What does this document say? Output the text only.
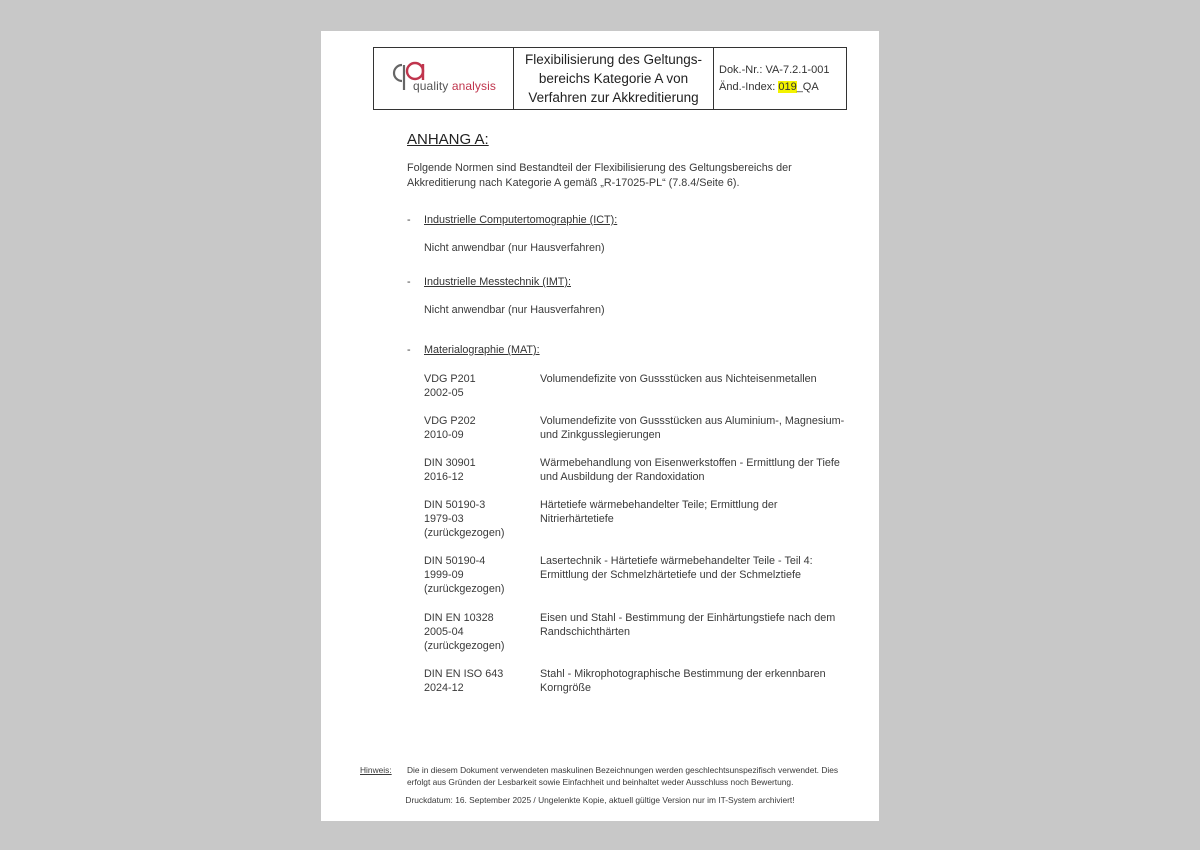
quality analysis
Flexibilisierung des Geltungs-bereichs Kategorie A von Verfahren zur Akkreditierung
Dok.-Nr.: VA-7.2.1-001
Änd.-Index: 019_QA
ANHANG A:
Folgende Normen sind Bestandteil der Flexibilisierung des Geltungsbereichs der Akkreditierung nach Kategorie A gemäß „R-17025-PL“ (7.8.4/Seite 6).
- Industrielle Computertomographie (ICT):
Nicht anwendbar (nur Hausverfahren)
- Industrielle Messtechnik (IMT):
Nicht anwendbar (nur Hausverfahren)
- Materialographie (MAT):
VDG P201
2002-05
Volumendefizite von Gussstücken aus Nichteisenmetallen
VDG P202
2010-09
Volumendefizite von Gussstücken aus Aluminium-, Magnesium- und Zinkgusslegierungen
DIN 30901
2016-12
Wärmebehandlung von Eisenwerkstoffen - Ermittlung der Tiefe und Ausbildung der Randoxidation
DIN 50190-3
1979-03
(zurückgezogen)
Härtetiefe wärmebehandelter Teile; Ermittlung der Nitrierhärtetiefe
DIN 50190-4
1999-09
(zurückgezogen)
Lasertechnik - Härtetiefe wärmebehandelter Teile - Teil 4: Ermittlung der Schmelzhärtetiefe und der Schmelztiefe
DIN EN 10328
2005-04
(zurückgezogen)
Eisen und Stahl - Bestimmung der Einhärtungstiefe nach dem Randschichthärten
DIN EN ISO 643
2024-12
Stahl - Mikrophotographische Bestimmung der erkennbaren Korngröße
Hinweis: Die in diesem Dokument verwendeten maskulinen Bezeichnungen werden geschlechtsunspezifisch verwendet. Dies erfolgt aus Gründen der Lesbarkeit sowie Einfachheit und beinhaltet weder Ausschluss noch Bewertung.
Druckdatum: 16. September 2025 / Ungelenkte Kopie, aktuell gültige Version nur im IT-System archiviert!
